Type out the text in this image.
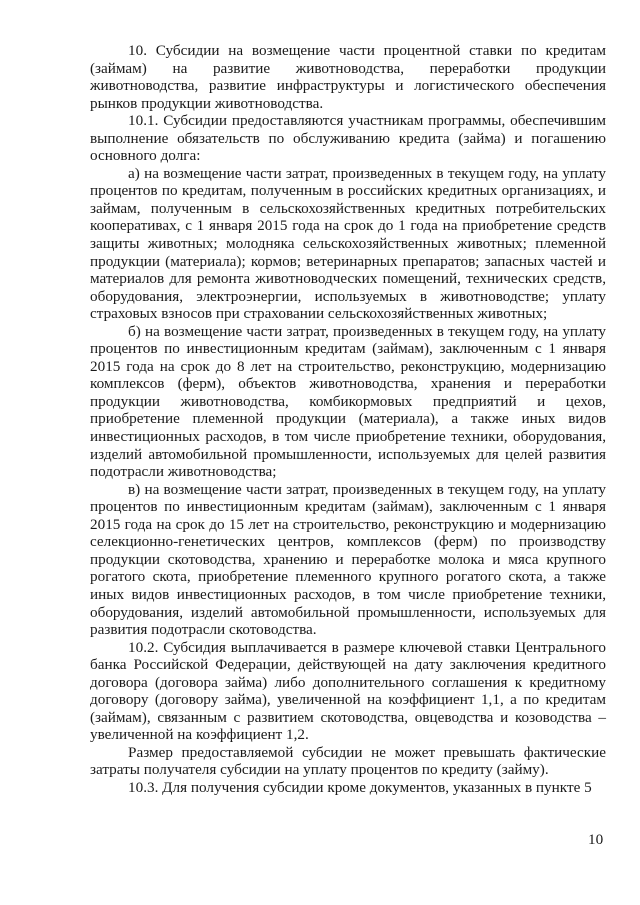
10. Субсидии на возмещение части процентной ставки по кредитам (займам) на развитие животноводства, переработки продукции животноводства, развитие инфраструктуры и логистического обеспечения рынков продукции животноводства.

10.1. Субсидии предоставляются участникам программы, обеспечившим выполнение обязательств по обслуживанию кредита (займа) и погашению основного долга:

а) на возмещение части затрат, произведенных в текущем году, на уплату процентов по кредитам, полученным в российских кредитных организациях, и займам, полученным в сельскохозяйственных кредитных потребительских кооперативах, с 1 января 2015 года на срок до 1 года на приобретение средств защиты животных; молодняка сельскохозяйственных животных; племенной продукции (материала); кормов; ветеринарных препаратов; запасных частей и материалов для ремонта животноводческих помещений, технических средств, оборудования, электроэнергии, используемых в животноводстве; уплату страховых взносов при страховании сельскохозяйственных животных;

б) на возмещение части затрат, произведенных в текущем году, на уплату процентов по инвестиционным кредитам (займам), заключенным с 1 января 2015 года на срок до 8 лет на строительство, реконструкцию, модернизацию комплексов (ферм), объектов животноводства, хранения и переработки продукции животноводства, комбикормовых предприятий и цехов, приобретение племенной продукции (материала), а также иных видов инвестиционных расходов, в том числе приобретение техники, оборудования, изделий автомобильной промышленности, используемых для целей развития подотрасли животноводства;

в) на возмещение части затрат, произведенных в текущем году, на уплату процентов по инвестиционным кредитам (займам), заключенным с 1 января 2015 года на срок до 15 лет на строительство, реконструкцию и модернизацию селекционно-генетических центров, комплексов (ферм) по производству продукции скотоводства, хранению и переработке молока и мяса крупного рогатого скота, приобретение племенного крупного рогатого скота, а также иных видов инвестиционных расходов, в том числе приобретение техники, оборудования, изделий автомобильной промышленности, используемых для развития подотрасли скотоводства.

10.2. Субсидия выплачивается в размере ключевой ставки Центрального банка Российской Федерации, действующей на дату заключения кредитного договора (договора займа) либо дополнительного соглашения к кредитному договору (договору займа), увеличенной на коэффициент 1,1, а по кредитам (займам), связанным с развитием скотоводства, овцеводства и козоводства – увеличенной на коэффициент 1,2.

Размер предоставляемой субсидии не может превышать фактические затраты получателя субсидии на уплату процентов по кредиту (займу).

10.3. Для получения субсидии кроме документов, указанных в пункте 5

10
